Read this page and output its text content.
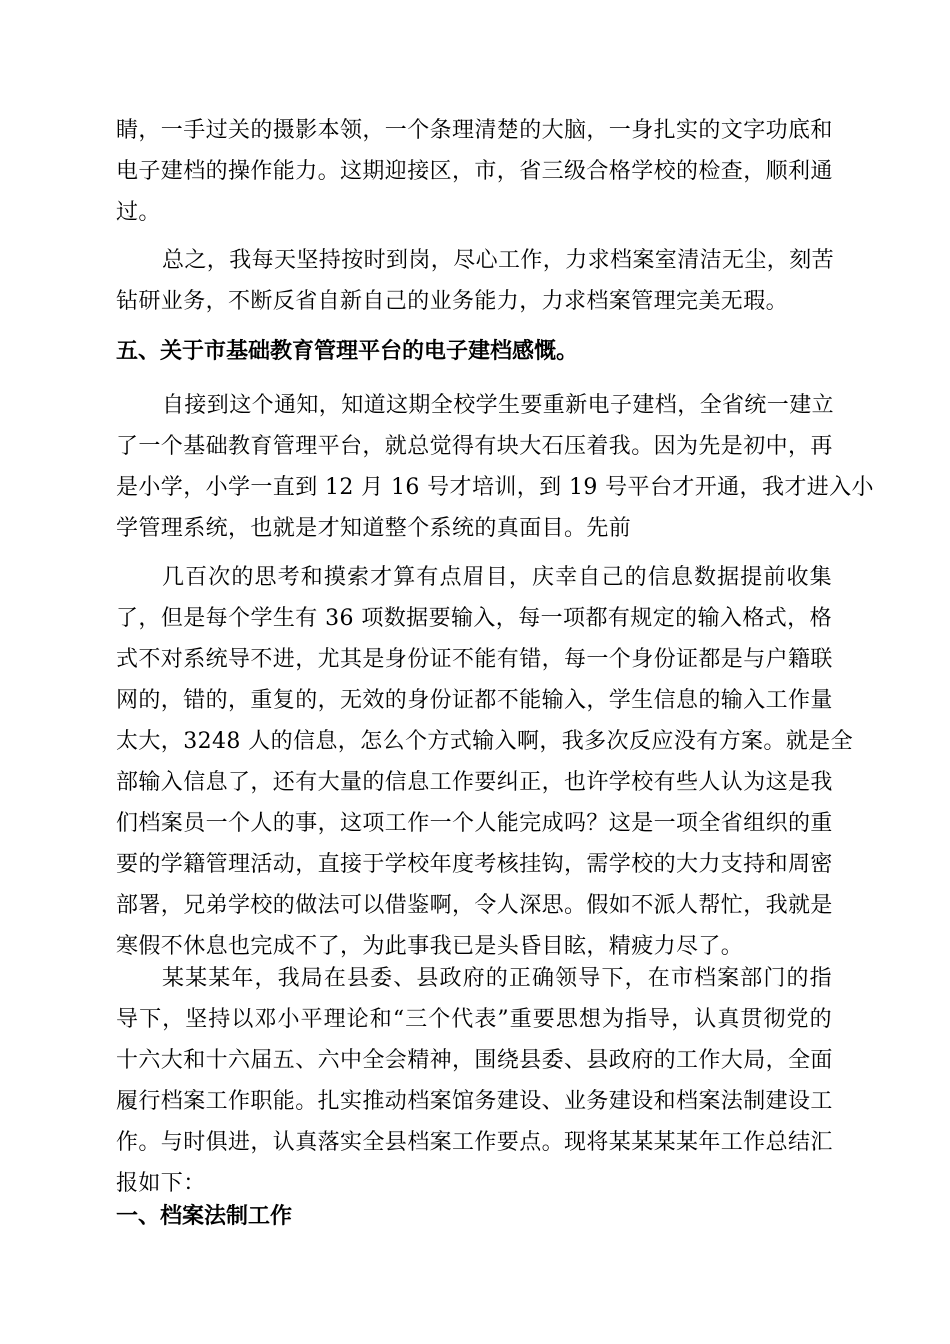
睛，一手过关的摄影本领，一个条理清楚的大脑，一身扎实的文字功底和
电子建档的操作能力。这期迎接区，市，省三级合格学校的检查，顺利通
过。

总之，我每天坚持按时到岗，尽心工作，力求档案室清洁无尘，刻苦
钻研业务，不断反省自新自己的业务能力，力求档案管理完美无瑕。

五、关于市基础教育管理平台的电子建档感慨。

自接到这个通知，知道这期全校学生要重新电子建档，全省统一建立
了一个基础教育管理平台，就总觉得有块大石压着我。因为先是初中，再
是小学，小学一直到 12 月 16 号才培训，到 19 号平台才开通，我才进入小
学管理系统，也就是才知道整个系统的真面目。先前

几百次的思考和摸索才算有点眉目，庆幸自己的信息数据提前收集
了，但是每个学生有 36 项数据要输入，每一项都有规定的输入格式，格
式不对系统导不进，尤其是身份证不能有错，每一个身份证都是与户籍联
网的，错的，重复的，无效的身份证都不能输入，学生信息的输入工作量
太大，3248 人的信息，怎么个方式输入啊，我多次反应没有方案。就是全
部输入信息了，还有大量的信息工作要纠正，也许学校有些人认为这是我
们档案员一个人的事，这项工作一个人能完成吗？这是一项全省组织的重
要的学籍管理活动，直接于学校年度考核挂钩，需学校的大力支持和周密
部署，兄弟学校的做法可以借鉴啊，令人深思。假如不派人帮忙，我就是
寒假不休息也完成不了，为此事我已是头昏目眩，精疲力尽了。

某某某年，我局在县委、县政府的正确领导下，在市档案部门的指
导下，坚持以邓小平理论和“三个代表”重要思想为指导，认真贯彻党的
十六大和十六届五、六中全会精神，围绕县委、县政府的工作大局，全面
履行档案工作职能。扎实推动档案馆务建设、业务建设和档案法制建设工
作。与时俱进，认真落实全县档案工作要点。现将某某某某年工作总结汇
报如下：

一、档案法制工作
